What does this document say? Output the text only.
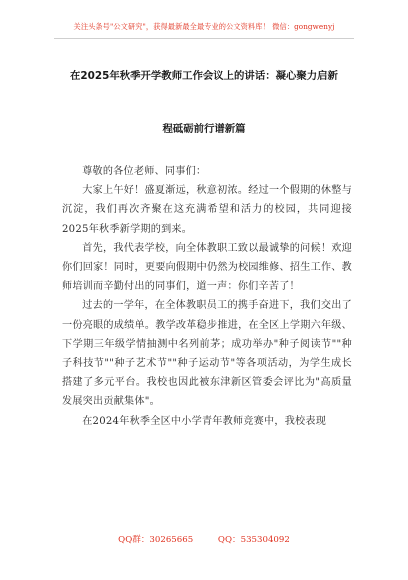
关注头条号"公文研究"，获得最新最全最专业的公文资料库！ 微信：gongwenyj
在2025年秋季开学教师工作会议上的讲话：凝心聚力启新
程砥砺前行谱新篇

尊敬的各位老师、同事们：

大家上午好！盛夏渐远，秋意初浓。经过一个假期的休整与沉淀，我们再次齐聚在这充满希望和活力的校园，共同迎接2025年秋季新学期的到来。

首先，我代表学校，向全体教职工致以最诚挚的问候！欢迎你们回家！同时，更要向假期中仍然为校园维修、招生工作、教师培训而辛勤付出的同事们，道一声：你们辛苦了！

过去的一学年，在全体教职员工的携手奋进下，我们交出了一份亮眼的成绩单。教学改革稳步推进，在全区上学期六年级、下学期三年级学情抽测中名列前茅；成功举办"种子阅读节""种子科技节""种子艺术节""种子运动节"等各项活动，为学生成长搭建了多元平台。我校也因此被东津新区管委会评比为"高质量发展突出贡献集体"。

在2024年秋季全区中小学青年教师竞赛中，我校表现

QQ群：30265665	QQ：535304092
